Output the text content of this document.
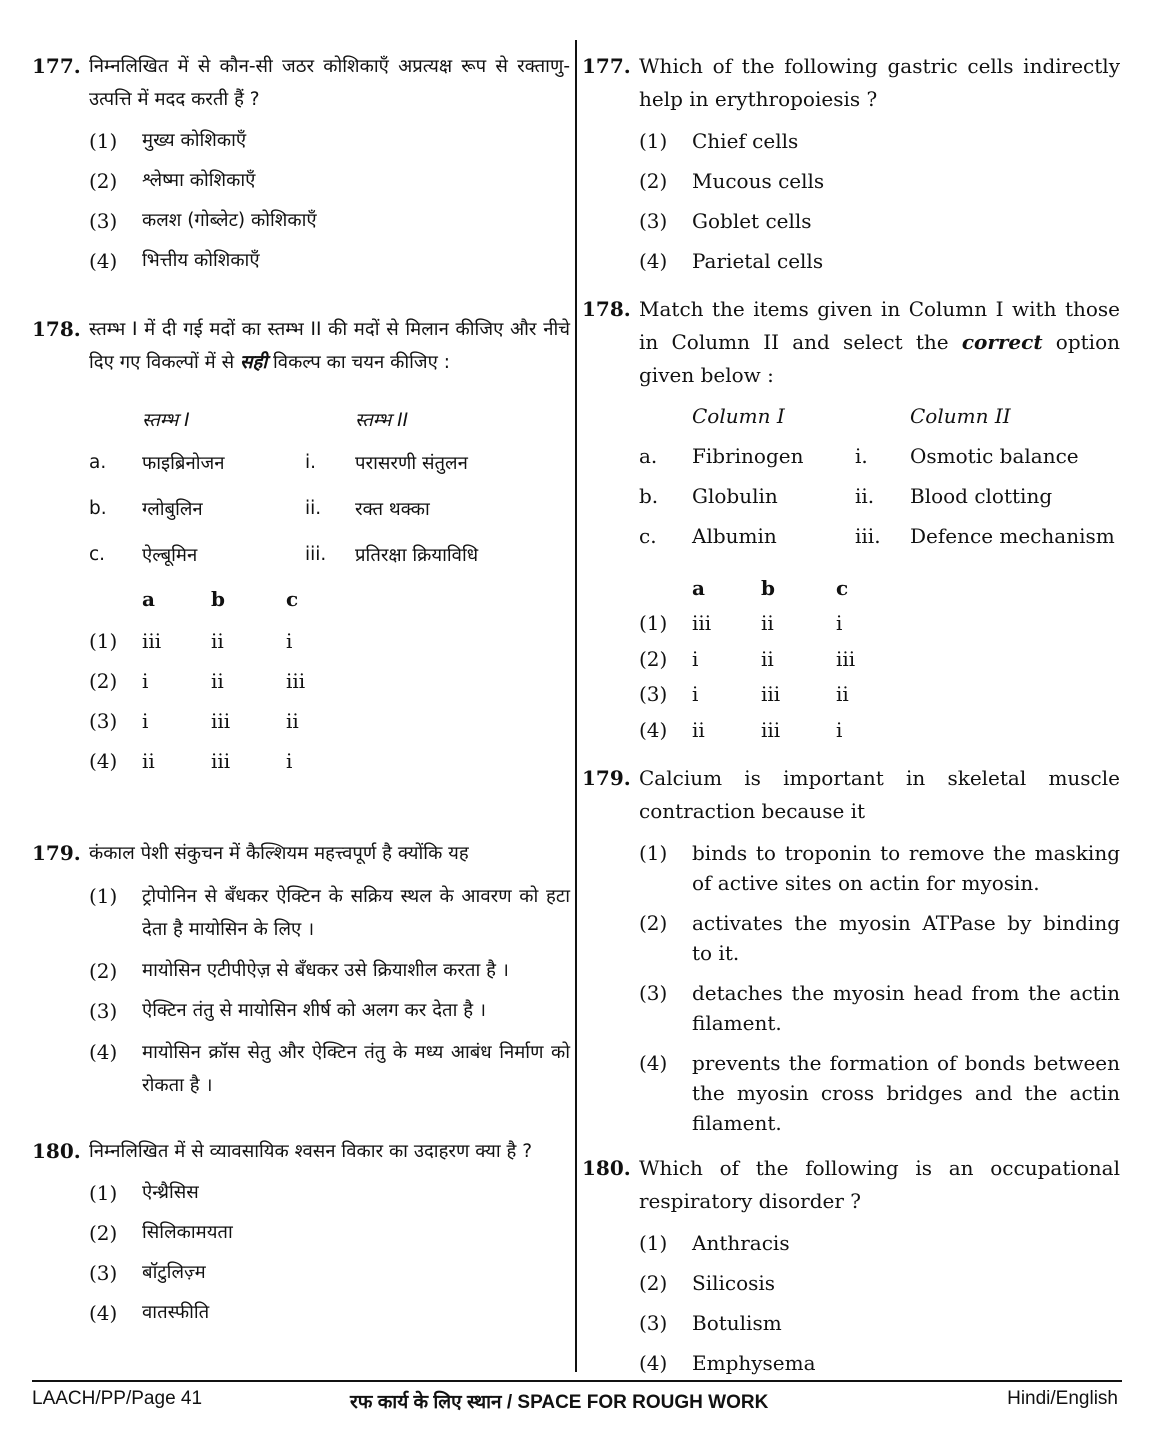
177. निम्नलिखित में से कौन-सी जठर कोशिकाएँ अप्रत्यक्ष रूप से रक्ताणु-उत्पत्ति में मदद करती हैं ?
(1)	मुख्य कोशिकाएँ
(2)	श्लेष्मा कोशिकाएँ
(3)	कलश (गोब्लेट) कोशिकाएँ
(4)	भित्तीय कोशिकाएँ
178. स्तम्भ I में दी गई मदों का स्तम्भ II की मदों से मिलान कीजिए और नीचे दिए गए विकल्पों में से सही विकल्प का चयन कीजिए :
स्तम्भ I	स्तम्भ II
a.	फाइब्रिनोजन	i.	परासरणी संतुलन
b.	ग्लोबुलिन	ii.	रक्त थक्का
c.	ऐल्बूमिन	iii.	प्रतिरक्षा क्रियाविधि
a	b	c
(1)	iii	ii	i
(2)	i	ii	iii
(3)	i	iii	ii
(4)	ii	iii	i
179. कंकाल पेशी संकुचन में कैल्शियम महत्त्वपूर्ण है क्योंकि यह
(1)	ट्रोपोनिन से बँधकर ऐक्टिन के सक्रिय स्थल के आवरण को हटा देता है मायोसिन के लिए ।
(2)	मायोसिन एटीपीऐज़ से बँधकर उसे क्रियाशील करता है ।
(3)	ऐक्टिन तंतु से मायोसिन शीर्ष को अलग कर देता है ।
(4)	मायोसिन क्रॉस सेतु और ऐक्टिन तंतु के मध्य आबंध निर्माण को रोकता है ।
180. निम्नलिखित में से व्यावसायिक श्वसन विकार का उदाहरण क्या है ?
(1)	ऐन्थ्रैसिस
(2)	सिलिकामयता
(3)	बॉटुलिज़्म
(4)	वातस्फीति
177. Which of the following gastric cells indirectly help in erythropoiesis ?
(1)	Chief cells
(2)	Mucous cells
(3)	Goblet cells
(4)	Parietal cells
178. Match the items given in Column I with those in Column II and select the correct option given below :
Column I	Column II
a.	Fibrinogen	i.	Osmotic balance
b.	Globulin	ii.	Blood clotting
c.	Albumin	iii.	Defence mechanism
a	b	c
(1)	iii	ii	i
(2)	i	ii	iii
(3)	i	iii	ii
(4)	ii	iii	i
179. Calcium is important in skeletal muscle contraction because it
(1)	binds to troponin to remove the masking of active sites on actin for myosin.
(2)	activates the myosin ATPase by binding to it.
(3)	detaches the myosin head from the actin filament.
(4)	prevents the formation of bonds between the myosin cross bridges and the actin filament.
180. Which of the following is an occupational respiratory disorder ?
(1)	Anthracis
(2)	Silicosis
(3)	Botulism
(4)	Emphysema
LAACH/PP/Page 41	रफ कार्य के लिए स्थान / SPACE FOR ROUGH WORK	Hindi/English
